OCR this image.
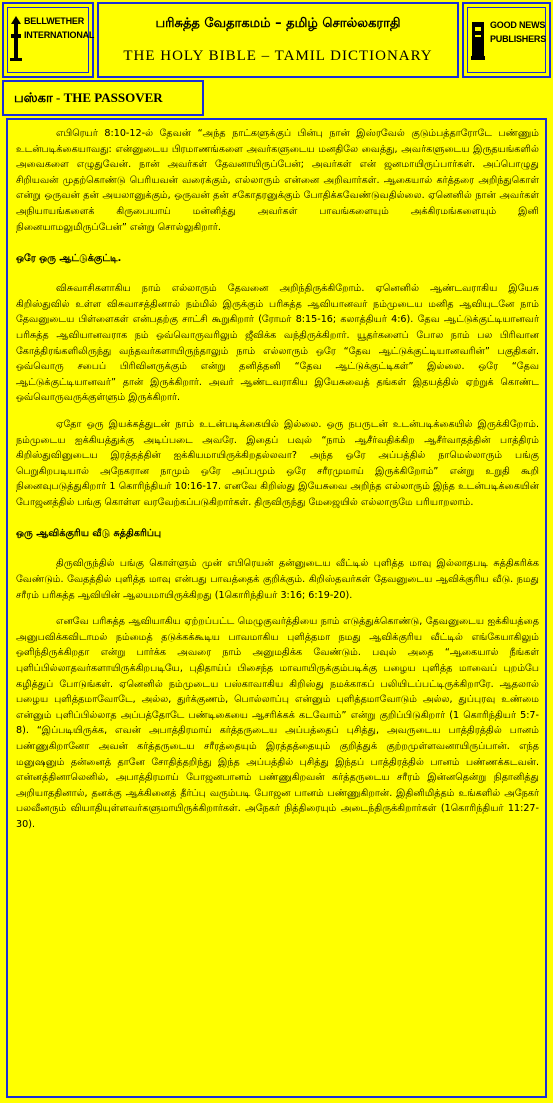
BELLWETHER
INTERNATIONAL
பரிசுத்த வேதாகமம் – தமிழ் சொல்லகராதி
THE HOLY BIBLE – TAMIL DICTIONARY
GOOD NEWS
PUBLISHERS
பஸ்கா - THE PASSOVER

எபிரெயர் 8:10-12-ல் தேவன் “அந்த நாட்களுக்குப் பின்பு நான் இஸ்ரவேல் குடும்பத்தாரோடே பண்ணும் உடன்படிக்கையாவது: என்னுடைய பிரமாணங்களை அவர்களுடைய மனதிலே வைத்து, அவர்களுடைய இருதயங்களில் அவைகளை எழுதுவேன். நான் அவர்கள் தேவனாயிருப்பேன்; அவர்கள் என் ஜனமாயிருப்பார்கள். அப்பொழுது சிறியவன் முதற்கொண்டு பெரியவன் வரைக்கும், எல்லாரும் என்னை அறிவார்கள். ஆகையால் கர்த்தரை அறிந்துகொள் என்று ஒருவன் தன் அயலானுக்கும், ஒருவன் தன் சகோதரனுக்கும் போதிக்கவேண்டுவதில்லை. ஏனெனில் நான் அவர்கள் அநியாயங்களைக் கிருபையாய் மன்னித்து அவர்கள் பாவங்களையும் அக்கிரமங்களையும் இனி நினையாமலுமிருப்பேன்” என்று சொல்லுகிறார்.

ஒரே ஒரு ஆட்டுக்குட்டி.

விசுவாசிகளாகிய நாம் எல்லாரும் தேவனை அறிந்திருக்கிறோம். ஏனெனில் ஆண்டவராகிய இயேசு கிறிஸ்துவில் உள்ள விசுவாசத்தினால் நம்மில் இருக்கும் பரிசுத்த ஆவியானவர் நம்முடைய மனித ஆவியுடனே நாம் தேவனுடைய பிள்ளைகள் என்பதற்கு சாட்சி கூறுகிறார் (ரோமர் 8:15-16; கலாத்தியர் 4:6). தேவ ஆட்டுக்குட்டியானவர் பரிசுத்த ஆவியானவராக நம் ஒவ்வொருவரிலும் ஜீவிக்க வந்திருக்கிறார். யூதர்களைப் போல நாம் பல பிரிவான கோத்திரங்களிலிருந்து வந்தவர்களாயிருந்தாலும் நாம் எல்லாரும் ஒரே “தேவ ஆட்டுக்குட்டியானவரின்” பகுதிகள். ஒவ்வொரு சபைப் பிரிவினருக்கும் என்று தனித்தனி “தேவ ஆட்டுக்குட்டிகள்” இல்லை. ஒரே “தேவ ஆட்டுக்குட்டியானவர்” தான் இருக்கிறார். அவர் ஆண்டவராகிய இயேசுவைத் தங்கள் இதயத்தில் ஏற்றுக் கொண்ட ஒவ்வொருவருக்குள்ளும் இருக்கிறார்.

ஏதோ ஒரு இயக்கத்துடன் நாம் உடன்படிக்கையில் இல்லை. ஒரு நபருடன் உடன்படிக்கையில் இருக்கிறோம். நம்முடைய ஐக்கியத்துக்கு அடிப்படை அவரே. இதைப் பவுல் “நாம் ஆசீர்வதிக்கிற ஆசீர்வாதத்தின் பாத்திரம் கிறிஸ்துவினுடைய இரத்தத்தின் ஐக்கியமாயிருக்கிறதல்லவா? அந்த ஒரே அப்பத்தில் நாமெல்லாரும் பங்கு பெறுகிறபடியால் அநேகரான நாமும் ஒரே அப்பமும் ஒரே சரீரமுமாய் இருக்கிறோம்” என்று உறுதி கூறி நினைவுபடுத்துகிறார் 1 கொரிந்தியர் 10:16-17. எனவே கிறிஸ்து இயேசுவை அறிந்த எல்லாரும் இந்த உடன்படிக்கையின் போஜனத்தில் பங்கு கொள்ள வரவேற்கப்படுகிறார்கள். திருவிருந்து மேஜையில் எல்லாருமே பரியாறலாம்.

ஒரு ஆவிக்குரிய வீடு சுத்திகரிப்பு

திருவிருந்தில் பங்கு கொள்ளும் முன் எபிரெயன் தன்னுடைய வீட்டில் புளித்த மாவு இல்லாதபடி சுத்திகரிக்க வேண்டும். வேதத்தில் புளித்த மாவு என்பது பாவத்தைக் குறிக்கும். கிறிஸ்தவர்கள் தேவனுடைய ஆவிக்குரிய வீடு. நமது சரீரம் பரிசுத்த ஆவியின் ஆலயமாயிருக்கிறது (1கொரிந்தியர் 3:16; 6:19-20).

எனவே பரிசுத்த ஆவியாகிய ஏற்றப்பட்ட மெழுகுவர்த்தியை நாம் எடுத்துக்கொண்டு, தேவனுடைய ஐக்கியத்தை அனுபவிக்கவிடாமல் நம்மைத் தடுக்கக்கூடிய பாவமாகிய புளித்தமா நமது ஆவிக்குரிய வீட்டில் எங்கேயாகிலும் ஒளிந்திருக்கிறதா என்று பார்க்க அவரை நாம் அனுமதிக்க வேண்டும். பவுல் அதை “ஆகையால் நீங்கள் புளிப்பில்லாதவர்களாயிருக்கிறபடியே, புதிதாய்ப் பிசைந்த மாவாயிருக்கும்படிக்கு பழைய புளித்த மாவைப் புறம்பே கழித்துப் போடுங்கள். ஏனெனில் நம்முடைய பஸ்காவாகிய கிறிஸ்து நமக்காகப் பலியிடப்பட்டிருக்கிறாரே. ஆதலால் பழைய புளித்தமாவோடே, அல்ல, துர்க்குணம், பொல்லாப்பு என்னும் புளித்தமாவோடும் அல்ல, துப்புரவு உண்மை என்னும் புளிப்பில்லாத அப்பத்தோடே பண்டிகையை ஆசரிக்கக் கடவோம்” என்று குறிப்பிடுகிறார் (1 கொரிந்தியர் 5:7-8). “இப்படியிருக்க, எவன் அபாத்திரமாய் கர்த்தருடைய அப்பத்தைப் புசித்து, அவருடைய பாத்திரத்தில் பானம் பண்ணுகிறானோ அவன் கர்த்தருடைய சரீரத்தையும் இரத்தத்தையும் குறித்துக் குற்றமுள்ளவனாயிருப்பான். எந்த மனுஷனும் தன்னைத் தானே சோதித்தறிந்து இந்த அப்பத்தில் புசித்து இந்தப் பாத்திரத்தில் பானம் பண்ணக்கடவன். என்னத்தினாலெனில், அபாத்திரமாய் போஜனபானம் பண்ணுகிறவன் கர்த்தருடைய சரீரம் இன்னதென்று நிதானித்து அறியாததினால், தனக்கு ஆக்கினைத் தீர்ப்பு வரும்படி போஜன பானம் பண்ணுகிறான். இதினிமித்தம் உங்களில் அநேகர் பலவீனரும் வியாதியுள்ளவர்களுமாயிருக்கிறார்கள். அநேகர் நித்திரையும் அடைந்திருக்கிறார்கள் (1கொரிந்தியர் 11:27-30).
